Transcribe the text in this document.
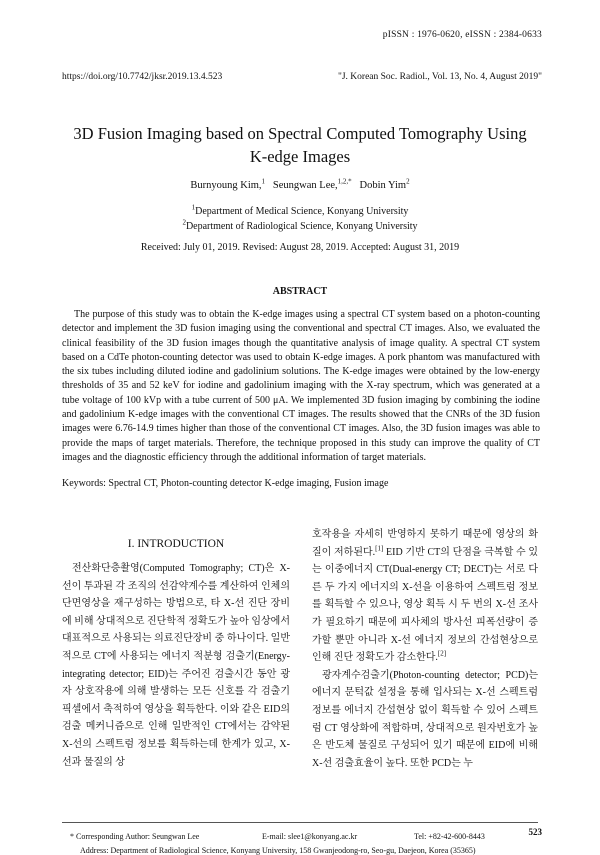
pISSN : 1976-0620, eISSN : 2384-0633
https://doi.org/10.7742/jksr.2019.13.4.523	"J. Korean Soc. Radiol., Vol. 13, No. 4, August 2019"
3D Fusion Imaging based on Spectral Computed Tomography Using
K-edge Images
Burnyoung Kim,$^1$ Seungwan Lee,$^{1,2,*}$ Dobin Yim$^2$
$^1$Department of Medical Science, Konyang University
$^2$Department of Radiological Science, Konyang University
Received: July 01, 2019. Revised: August 28, 2019. Accepted: August 31, 2019
ABSTRACT
The purpose of this study was to obtain the K-edge images using a spectral CT system based on a photon-counting detector and implement the 3D fusion imaging using the conventional and spectral CT images. Also, we evaluated the clinical feasibility of the 3D fusion images though the quantitative analysis of image quality. A spectral CT system based on a CdTe photon-counting detector was used to obtain K-edge images. A pork phantom was manufactured with the six tubes including diluted iodine and gadolinium solutions. The K-edge images were obtained by the low-energy thresholds of 35 and 52 keV for iodine and gadolinium imaging with the X-ray spectrum, which was generated at a tube voltage of 100 kVp with a tube current of 500 μA. We implemented 3D fusion imaging by combining the iodine and gadolinium K-edge images with the conventional CT images. The results showed that the CNRs of the 3D fusion images were 6.76-14.9 times higher than those of the conventional CT images. Also, the 3D fusion images was able to provide the maps of target materials. Therefore, the technique proposed in this study can improve the quality of CT images and the diagnostic efficiency through the additional information of target materials.
Keywords: Spectral CT, Photon-counting detector K-edge imaging, Fusion image
I. INTRODUCTION

전산화단층촬영(Computed Tomography; CT)은 X-선이 투과된 각 조직의 선감약계수를 계산하여 인체의 단면영상을 재구성하는 방법으로, 타 X-선 진단 장비에 비해 상대적으로 진단학적 정확도가 높아 임상에서 대표적으로 사용되는 의료진단장비 중 하나이다. 일반적으로 CT에 사용되는 에너지 적분형 검출기(Energy-integrating detector; EID)는 주어진 검출시간 동안 광자 상호작용에 의해 발생하는 모든 신호를 각 검출기 픽셀에서 축적하여 영상을 획득한다. 이와 같은 EID의 검출 메커니즘으로 인해 일반적인 CT에서는 감약된 X-선의 스펙트럼 정보를 획득하는데 한계가 있고, X-선과 물질의 상

호작용을 자세히 반영하지 못하기 때문에 영상의 화질이 저하된다.[1] EID 기반 CT의 단점을 극복할 수 있는 이중에너지 CT(Dual-energy CT; DECT)는 서로 다른 두 가지 에너지의 X-선을 이용하여 스펙트럼 정보를 획득할 수 있으나, 영상 획득 시 두 번의 X-선 조사가 필요하기 때문에 피사체의 방사선 피폭선량이 증가할 뿐만 아니라 X-선 에너지 정보의 간섭현상으로 인해 진단 정확도가 감소한다.[2]

광자계수검출기(Photon-counting detector; PCD)는 에너지 문턱값 설정을 통해 입사되는 X-선 스펙트럼 정보를 에너지 간섭현상 없이 획득할 수 있어 스펙트럼 CT 영상화에 적합하며, 상대적으로 원자번호가 높은 반도체 물질로 구성되어 있기 때문에 EID에 비해 X-선 검출효율이 높다. 또한 PCD는 누

* Corresponding Author: Seungwan Lee	E-mail: slee1@konyang.ac.kr	Tel: +82-42-600-8443
Address: Department of Radiological Science, Konyang University, 158 Gwanjeodong-ro, Seo-gu, Daejeon, Korea (35365)
523
